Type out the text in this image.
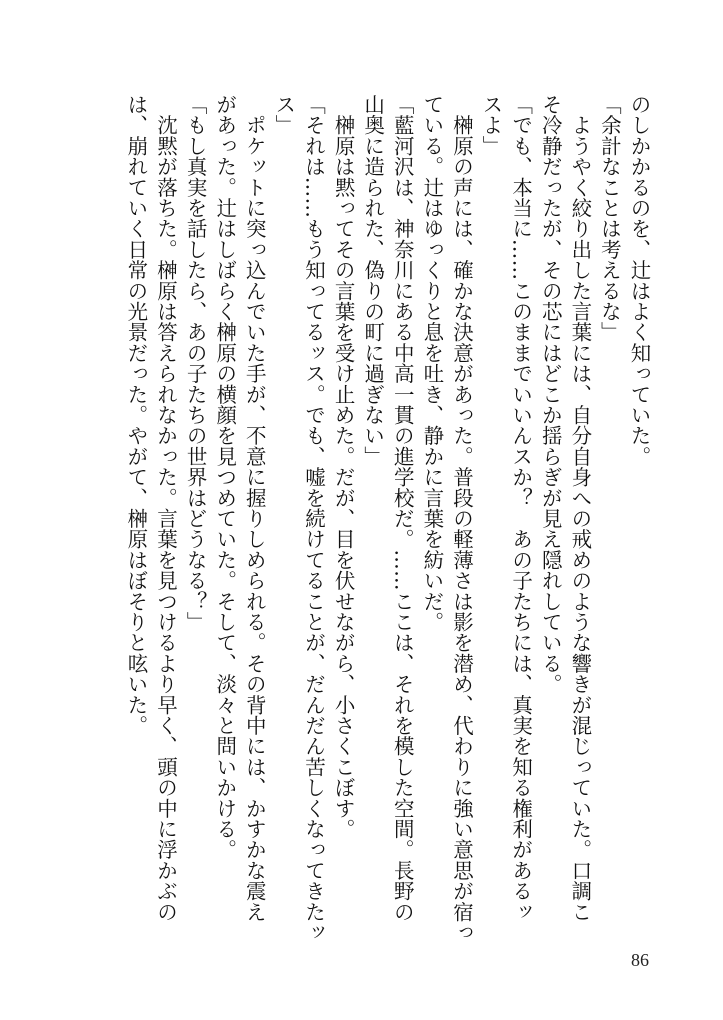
のしかかるのを、辻はよく知っていた。
「余計なことは考えるな」
　ようやく絞り出した言葉には、自分自身への戒めのような響きが混じっていた。口調こ
そ冷静だったが、その芯にはどこか揺らぎが見え隠れしている。
「でも、本当に……このままでいいんスか？　あの子たちには、真実を知る権利があるッ
スよ」
　榊原の声には、確かな決意があった。普段の軽薄さは影を潜め、代わりに強い意思が宿っ
ている。辻はゆっくりと息を吐き、静かに言葉を紡いだ。
「藍河沢は、神奈川にある中高一貫の進学校だ。……ここは、それを模した空間。長野の
山奥に造られた、偽りの町に過ぎない」
　榊原は黙ってその言葉を受け止めた。だが、目を伏せながら、小さくこぼす。
「それは……もう知ってるッス。でも、嘘を続けてることが、だんだん苦しくなってきたッ
ス」
　ポケットに突っ込んでいた手が、不意に握りしめられる。その背中には、かすかな震え
があった。辻はしばらく榊原の横顔を見つめていた。そして、淡々と問いかける。
「もし真実を話したら、あの子たちの世界はどうなる？」
　沈黙が落ちた。榊原は答えられなかった。言葉を見つけるより早く、頭の中に浮かぶの
は、崩れていく日常の光景だった。やがて、榊原はぼそりと呟いた。
86
